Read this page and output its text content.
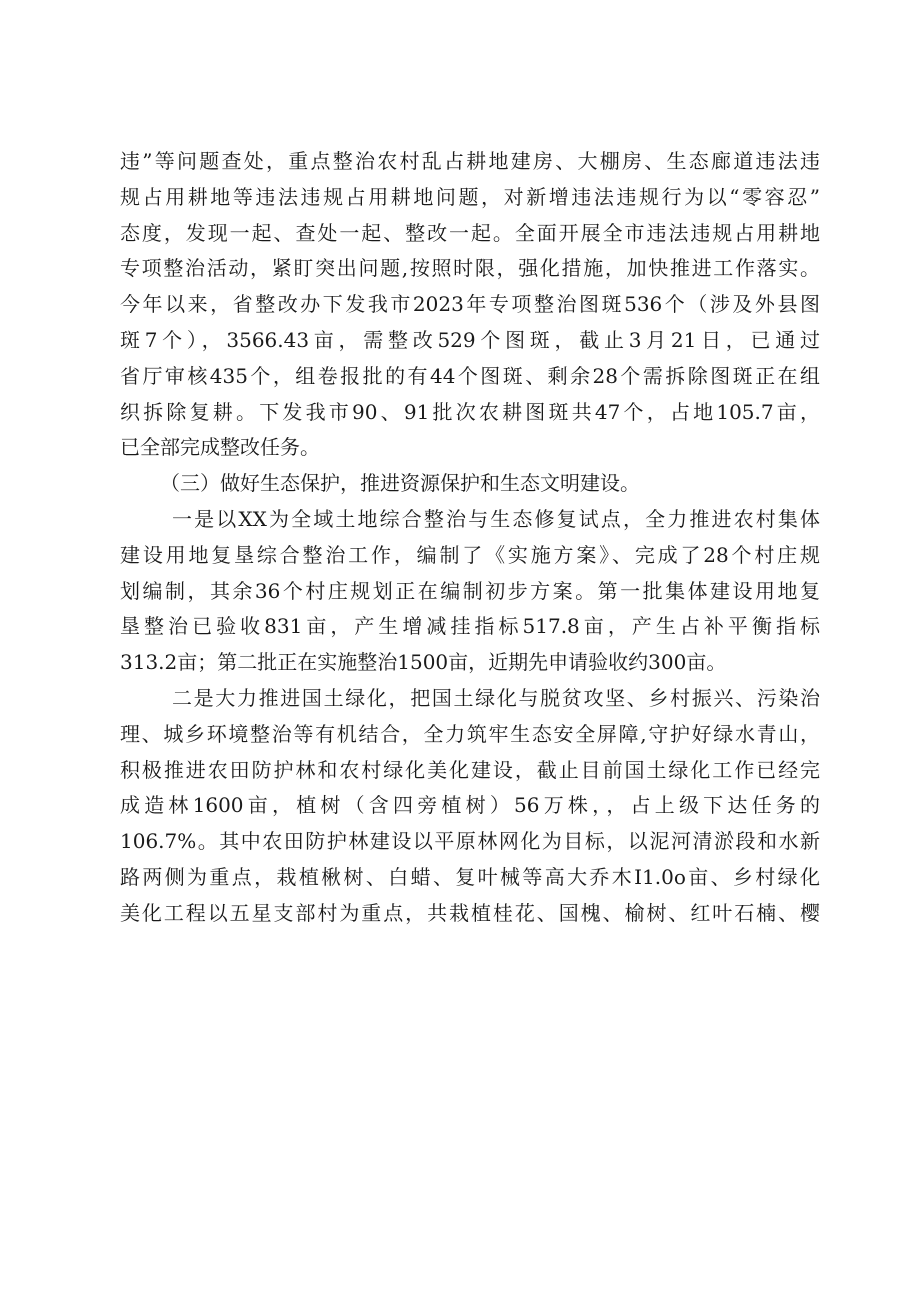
违”等问题查处，重点整治农村乱占耕地建房、大棚房、生态廊道违法违
规占用耕地等违法违规占用耕地问题，对新增违法违规行为以“零容忍”
态度，发现一起、查处一起、整改一起。全面开展全市违法违规占用耕地
专项整治活动，紧盯突出问题,按照时限，强化措施，加快推进工作落实。
今年以来，省整改办下发我市2023年专项整治图斑536个（涉及外县图
斑7个），3566.43亩，需整改529个图斑，截止3月21日，已通过
省厅审核435个，组卷报批的有44个图斑、剩余28个需拆除图斑正在组
织拆除复耕。下发我市90、91批次农耕图斑共47个，占地105.7亩，
已全部完成整改任务。
（三）做好生态保护，推进资源保护和生态文明建设。
一是以XX为全域土地综合整治与生态修复试点，全力推进农村集体
建设用地复垦综合整治工作，编制了《实施方案》、完成了28个村庄规
划编制，其余36个村庄规划正在编制初步方案。第一批集体建设用地复
垦整治已验收831亩，产生增减挂指标517.8亩，产生占补平衡指标
313.2亩；第二批正在实施整治1500亩，近期先申请验收约300亩。
二是大力推进国土绿化，把国土绿化与脱贫攻坚、乡村振兴、污染治
理、城乡环境整治等有机结合，全力筑牢生态安全屏障,守护好绿水青山，
积极推进农田防护林和农村绿化美化建设，截止目前国土绿化工作已经完
成造林1600亩，植树（含四旁植树）56万株，，占上级下达任务的
106.7%。其中农田防护林建设以平原林网化为目标，以泥河清淤段和水新
路两侧为重点，栽植楸树、白蜡、复叶械等高大乔木I1.0o亩、乡村绿化
美化工程以五星支部村为重点，共栽植桂花、国槐、榆树、红叶石楠、樱
